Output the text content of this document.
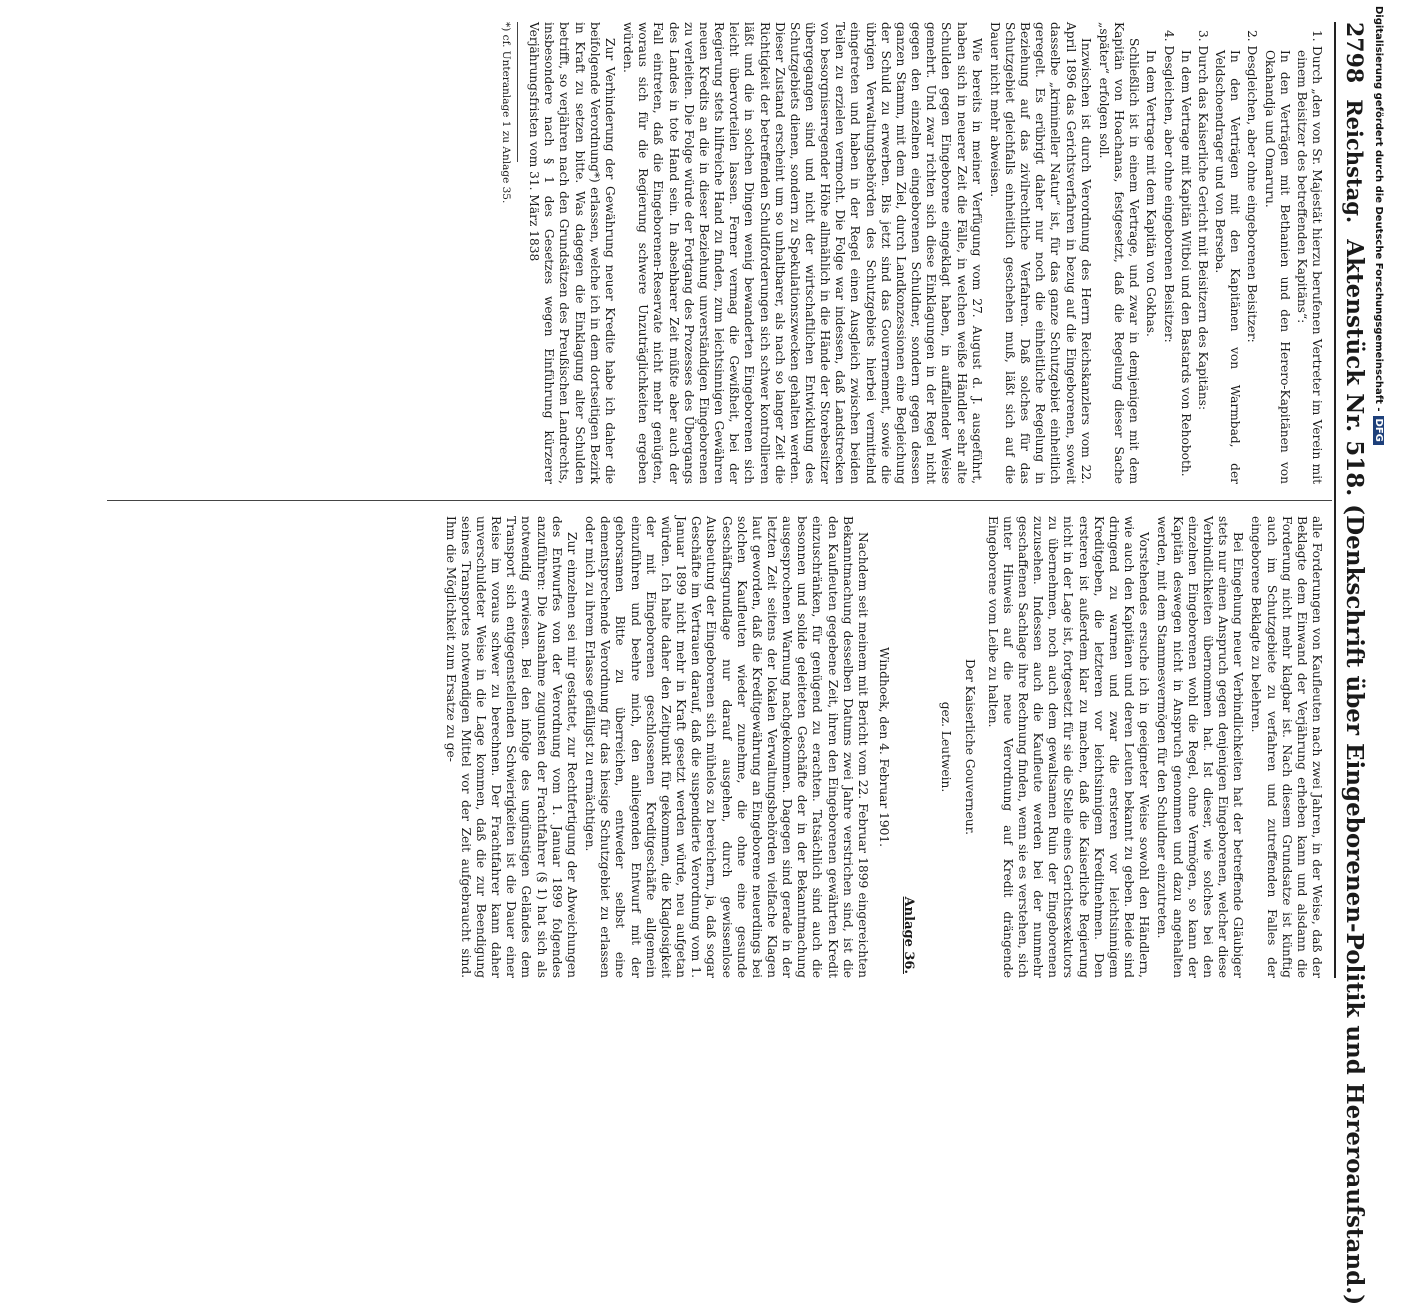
2798
Reichstag.
Aktenstück Nr. 518. (Denkschrift über Eingeborenen-Politik und Hereroaufstand.)

1. Durch „den von Sr. Majestät hierzu berufenen Vertreter im Verein mit einem Beisitzer des betreffenden Kapitäns“:

In den Verträgen mit Bethanien und den Herero-Kapitänen von Okahandja und Omaruru.

2. Desgleichen, aber ohne eingeborenen Beisitzer:

In den Verträgen mit den Kapitänen von Warmbad, der Veldschoendrager und von Berseba.

3. Durch das Kaiserliche Gericht mit Beisitzern des Kapitäns:

In dem Vertrage mit Kapitän Witboi und den Bastards von Rehoboth.

4. Desgleichen, aber ohne eingeborenen Beisitzer:

In dem Vertrage mit dem Kapitän von Gokhas.

Schließlich ist in einem Vertrage, und zwar in demjenigen mit dem Kapitän von Hoachanas, festgesetzt, daß die Regelung dieser Sache „später“ erfolgen soll.

Inzwischen ist durch Verordnung des Herrn Reichskanzlers vom 22. April 1896 das Gerichtsverfahren in bezug auf die Eingeborenen, soweit dasselbe „krimineller Natur“ ist, für das ganze Schutzgebiet einheitlich geregelt. Es erübrigt daher nur noch die einheitliche Regelung in Beziehung auf das zivilrechtliche Verfahren. Daß solches für das Schutzgebiet gleichfalls einheitlich geschehen muß, läßt sich auf die Dauer nicht mehr abweisen.

Wie bereits in meiner Verfügung vom 27. August d. J. ausgeführt, haben sich in neuerer Zeit die Fälle, in welchen weiße Händler sehr alte Schulden gegen Eingeborene eingeklagt haben, in auffallender Weise gemehrt. Und zwar richten sich diese Einklagungen in der Regel nicht gegen den einzelnen eingeborenen Schuldner, sondern gegen dessen ganzen Stamm, mit dem Ziel, durch Landkonzessionen eine Begleichung der Schuld zu erwerben. Bis jetzt sind das Gouvernement, sowie die übrigen Verwaltungsbehörden des Schutzgebiets hierbei vermittelnd eingetreten und haben in der Regel einen Ausgleich zwischen beiden Teilen zu erzielen vermocht. Die Folge war indessen, daß Landstrecken von besorgniserregender Höhe allmählich in die Hände der Storebesitzer übergegangen sind und nicht der wirtschaftlichen Entwicklung des Schutzgebiets dienen, sondern zu Spekulationszwecken gehalten werden. Dieser Zustand erscheint um so unhaltbarer, als nach so langer Zeit die Richtigkeit der betreffenden Schuldforderungen sich schwer kontrollieren läßt und die in solchen Dingen wenig bewanderten Eingeborenen sich leicht übervorteilen lassen. Ferner vermag die Gewißheit, bei der Regierung stets hilfreiche Hand zu finden, zum leichtsinnigen Gewähren neuen Kredits an die in dieser Beziehung unverständigen Eingeborenen zu verleiten. Die Folge würde der Fortgang des Prozesses des Übergangs des Landes in tote Hand sein. In absehbarer Zeit müßte aber auch der Fall eintreten, daß die Eingeborenen-Reservate nicht mehr genügten, woraus sich für die Regierung schwere Unzuträglichkeiten ergeben würden.

Zur Verhinderung der Gewährung neuer Kredite habe ich daher die beifolgende Verordnung*) erlassen, welche ich in dem dortseitigen Bezirk in Kraft zu setzen bitte. Was dagegen die Einklagung alter Schulden betrifft, so verjähren nach den Grundsätzen des Preußischen Landrechts, insbesondere nach § 1 des Gesetzes wegen Einführung kürzerer Verjährungsfristen vom 31. März 1838

*) cf. Unteranlage 1 zu Anlage 35.

alle Forderungen von Kaufleuten nach zwei Jahren, in der Weise, daß der Beklagte dem Einwand der Verjährung erheben kann und alsdann die Forderung nicht mehr klagbar ist. Nach diesem Grundsatze ist künftig auch im Schutzgebiete zu verfahren und zutreffenden Falles der eingeborene Beklagte zu belehren.

Bei Eingehung neuer Verbindlichkeiten hat der betreffende Gläubiger stets nur einen Anspruch gegen denjenigen Eingeborenen, welcher diese Verbindlichkeiten übernommen hat. Ist dieser, wie solches bei den einzelnen Eingeborenen wohl die Regel, ohne Vermögen, so kann der Kapitän deswegen nicht in Anspruch genommen und dazu angehalten werden, mit dem Stammesvermögen für den Schuldner einzutreten.

Vorstehendes ersuche ich in geeigneter Weise sowohl den Händlern, wie auch den Kapitänen und deren Leuten bekannt zu geben. Beide sind dringend zu warnen und zwar die ersteren vor leichtsinnigem Kreditgeben, die letzteren vor leichtsinnigem Kreditnehmen. Den ersteren ist außerdem klar zu machen, daß die Kaiserliche Regierung nicht in der Lage ist, fortgesetzt für sie die Stelle eines Gerichtsexekutors zu übernehmen, noch auch dem gewaltsamen Ruin der Eingeborenen zuzusehen. Indessen auch die Kaufleute werden bei der nunmehr geschaffenen Sachlage ihre Rechnung finden, wenn sie es verstehen, sich unter Hinweis auf die neue Verordnung auf Kredit drängende Eingeborene vom Leibe zu halten.

Der Kaiserliche Gouverneur.

gez. Leutwein.

Anlage 36.

Windhoek, den 4. Februar 1901.

Nachdem seit meinem mit Bericht vom 22. Februar 1899 eingereichten Bekanntmachung desselben Datums zwei Jahre verstrichen sind, ist die den Kaufleuten gegebene Zeit, ihren den Eingeborenen gewährten Kredit einzuschränken, für genügend zu erachten. Tatsächlich sind auch die besonnen und solide geleiteten Geschäfte der in der Bekanntmachung ausgesprochenen Warnung nachgekommen. Dagegen sind gerade in der letzten Zeit seitens der lokalen Verwaltungsbehörden vielfache Klagen laut geworden, daß die Kreditgewährung an Eingeborene neuerdings bei solchen Kaufleuten wieder zunehme, die ohne eine gesunde Geschäftsgrundlage nur darauf ausgehen, durch gewissenlose Ausbeutung der Eingeborenen sich mühelos zu bereichern, ja, daß sogar Geschäfte im Vertrauen darauf, daß die suspendierte Verordnung vom 1. Januar 1899 nicht mehr in Kraft gesetzt werden würde, neu aufgetan würden. Ich halte daher den Zeitpunkt für gekommen, die Klaglosigkeit der mit Eingeborenen geschlossenen Kreditgeschäfte allgemein einzuführen und beehre mich, den anliegenden Entwurf mit der gehorsamen Bitte zu überreichen, entweder selbst eine dementsprechende Verordnung für das hiesige Schutzgebiet zu erlassen oder mich zu ihrem Erlasse gefälligst zu ermächtigen.

Zur einzelnen sei mir gestattet, zur Rechtfertigung der Abweichungen des Entwurfes von der Verordnung vom 1. Januar 1899 folgendes anzuführen: Die Ausnahme zugunsten der Frachtfahrer (§ 1) hat sich als notwendig erwiesen. Bei den infolge des ungünstigen Geländes dem Transport sich entgegenstellenden Schwierigkeiten ist die Dauer einer Reise im voraus schwer zu berechnen. Der Frachtfahrer kann daher unverschuldeter Weise in die Lage kommen, daß die zur Beendigung seines Transportes notwendigen Mittel vor der Zeit aufgebraucht sind. Ihm die Möglichkeit zum Ersatze zu ge-

Digitalisierung gefördert durch die Deutsche Forschungsgemeinschaft -DFG
